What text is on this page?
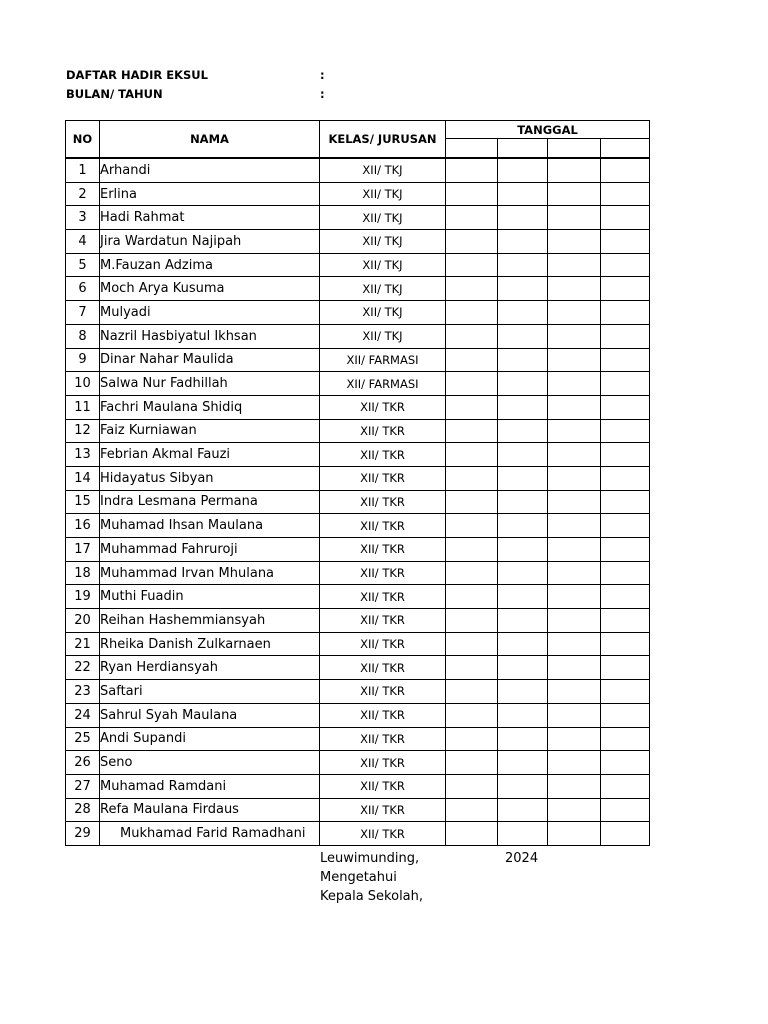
DAFTAR HADIR EKSUL	:
BULAN/ TAHUN	:
NO	NAMA	KELAS/ JURUSAN	TANGGAL			

1	Arhandi	XII/ TKJ				
2	Erlina	XII/ TKJ				
3	Hadi Rahmat	XII/ TKJ				
4	Jira Wardatun Najipah	XII/ TKJ				
5	M.Fauzan Adzima	XII/ TKJ				
6	Moch Arya Kusuma	XII/ TKJ				
7	Mulyadi	XII/ TKJ				
8	Nazril Hasbiyatul Ikhsan	XII/ TKJ				
9	Dinar Nahar Maulida	XII/ FARMASI				
10	Salwa Nur Fadhillah	XII/ FARMASI				
11	Fachri Maulana Shidiq	XII/ TKR				
12	Faiz Kurniawan	XII/ TKR				
13	Febrian Akmal Fauzi	XII/ TKR				
14	Hidayatus Sibyan	XII/ TKR				
15	Indra Lesmana Permana	XII/ TKR				
16	Muhamad Ihsan Maulana	XII/ TKR				
17	Muhammad Fahruroji	XII/ TKR				
18	Muhammad Irvan Mhulana	XII/ TKR				
19	Muthi Fuadin	XII/ TKR				
20	Reihan Hashemmiansyah	XII/ TKR				
21	Rheika Danish Zulkarnaen	XII/ TKR				
22	Ryan Herdiansyah	XII/ TKR				
23	Saftari	XII/ TKR				
24	Sahrul Syah Maulana	XII/ TKR				
25	Andi Supandi	XII/ TKR				
26	Seno	XII/ TKR				
27	Muhamad Ramdani	XII/ TKR				
28	Refa Maulana Firdaus	XII/ TKR				
29	Mukhamad Farid Ramadhani	XII/ TKR				
Leuwimunding,	2024
Mengetahui
Kepala Sekolah,
